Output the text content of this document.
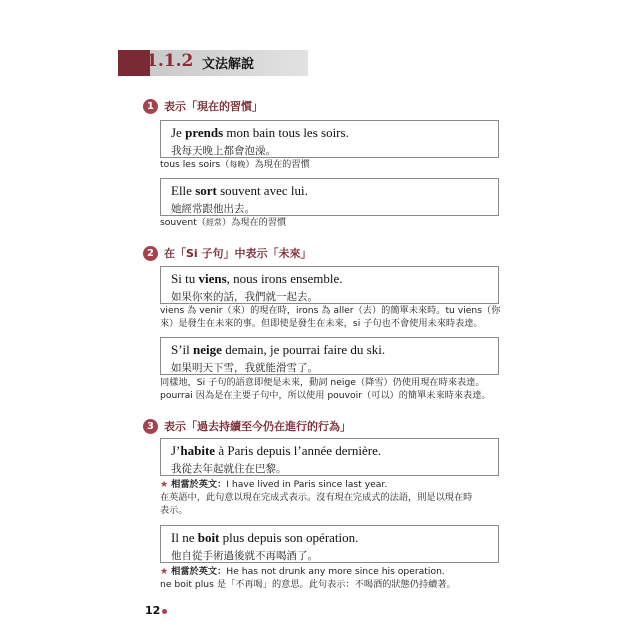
1.1.2 文法解說
1 表示「現在的習慣」
Je prends mon bain tous les soirs.
我每天晚上都會泡澡。
tous les soirs（每晚）為現在的習慣
Elle sort souvent avec lui.
她經常跟他出去。
souvent（經常）為現在的習慣
2 在「Si 子句」中表示「未來」
Si tu viens, nous irons ensemble.
如果你來的話，我們就一起去。
viens 為 venir（來）的現在時，irons 為 aller（去）的簡單未來時。tu viens（你
來）是發生在未來的事。但即使是發生在未來，si 子句也不會使用未來時表達。
S’il neige demain, je pourrai faire du ski.
如果明天下雪，我就能滑雪了。
同樣地，Si 子句的語意即便是未來，動詞 neige（降雪）仍使用現在時來表達。
pourrai 因為是在主要子句中，所以使用 pouvoir（可以）的簡單未來時來表達。
3 表示「過去持續至今仍在進行的行為」
J’habite à Paris depuis l’année dernière.
我從去年起就住在巴黎。
★ 相當於英文：I have lived in Paris since last year.
在英語中，此句意以現在完成式表示。沒有現在完成式的法語，則是以現在時
表示。
Il ne boit plus depuis son opération.
他自從手術過後就不再喝酒了。
★ 相當於英文：He has not drunk any more since his operation.
ne boit plus 是「不再喝」的意思。此句表示：不喝酒的狀態仍持續著。
12
